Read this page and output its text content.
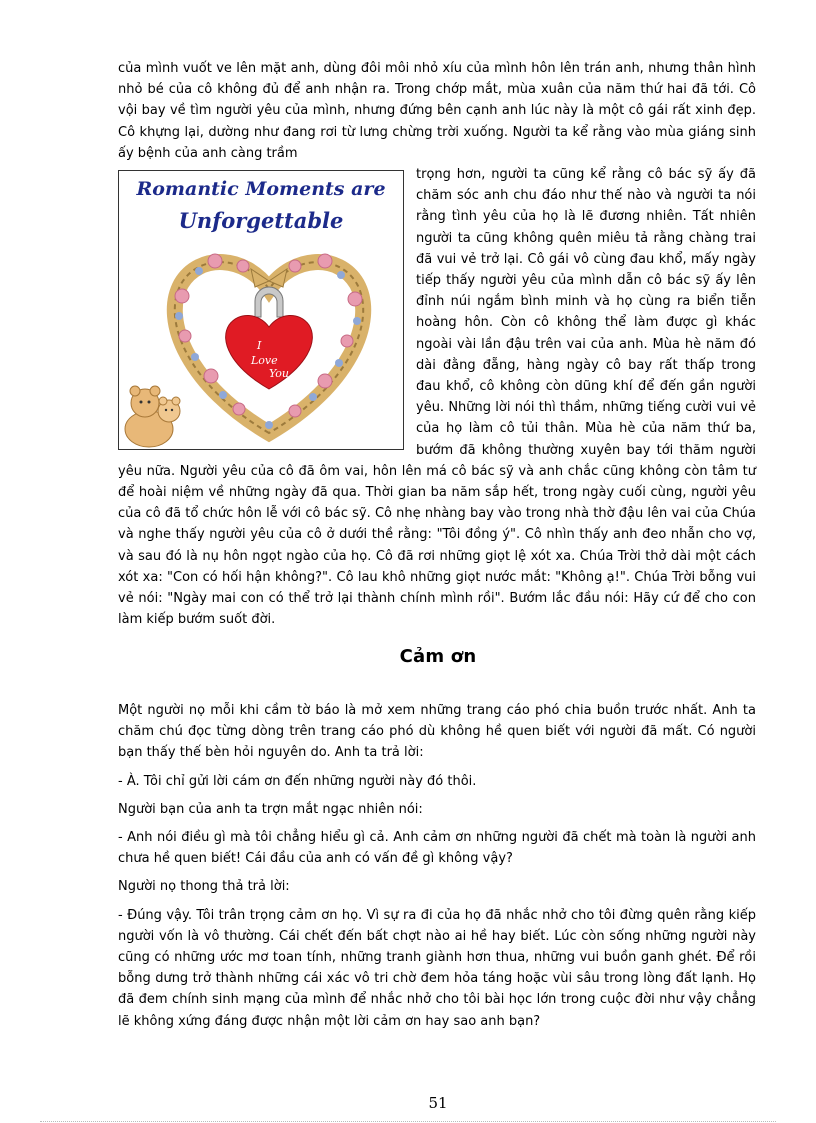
của mình vuốt ve lên mặt anh, dùng đôi môi nhỏ xíu của mình hôn lên trán anh, nhưng thân hình nhỏ bé của cô không đủ để anh nhận ra. Trong chớp mắt, mùa xuân của năm thứ hai đã tới. Cô vội bay về tìm người yêu của mình, nhưng đứng bên cạnh anh lúc này là một cô gái rất xinh đẹp. Cô khựng lại, dường như đang rơi từ lưng chừng trời xuống. Người ta kể rằng vào mùa giáng sinh ấy bệnh của anh càng trầm

Romantic Moments are
Unforgettable
I
Love
You

trọng hơn, người ta cũng kể rằng cô bác sỹ ấy đã chăm sóc anh chu đáo như thế nào và người ta nói rằng tình yêu của họ là lẽ đương nhiên. Tất nhiên người ta cũng không quên miêu tả rằng chàng trai đã vui vẻ trở lại. Cô gái vô cùng đau khổ, mấy ngày tiếp thấy người yêu của mình dẫn cô bác sỹ ấy lên đỉnh núi ngắm bình minh và họ cùng ra biển tiễn hoàng hôn. Còn cô không thể làm được gì khác ngoài vài lần đậu trên vai của anh. Mùa hè năm đó dài đằng đẵng, hàng ngày cô bay rất thấp trong đau khổ, cô không còn dũng khí để đến gần người yêu. Những lời nói thì thầm, những tiếng cười vui vẻ của họ làm cô tủi thân. Mùa hè của năm thứ ba, bướm đã không thường xuyên bay tới thăm người yêu nữa. Người yêu của cô đã ôm vai, hôn lên má cô bác sỹ và anh chắc cũng không còn tâm tư để hoài niệm về những ngày đã qua. Thời gian ba năm sắp hết, trong ngày cuối cùng, người yêu của cô đã tổ chức hôn lễ với cô bác sỹ. Cô nhẹ nhàng bay vào trong nhà thờ đậu lên vai của Chúa và nghe thấy người yêu của cô ở dưới thề rằng: "Tôi đồng ý". Cô nhìn thấy anh đeo nhẫn cho vợ, và sau đó là nụ hôn ngọt ngào của họ. Cô đã rơi những giọt lệ xót xa. Chúa Trời thở dài một cách xót xa: "Con có hối hận không?". Cô lau khô những giọt nước mắt: "Không ạ!". Chúa Trời bỗng vui vẻ nói: "Ngày mai con có thể trở lại thành chính mình rồi". Bướm lắc đầu nói: Hãy cứ để cho con làm kiếp bướm suốt đời.

Cảm ơn

Một người nọ mỗi khi cầm tờ báo là mở xem những trang cáo phó chia buồn trước nhất. Anh ta chăm chú đọc từng dòng trên trang cáo phó dù không hề quen biết với người đã mất. Có người bạn thấy thế bèn hỏi nguyên do. Anh ta trả lời:

- À. Tôi chỉ gửi lời cám ơn đến những người này đó thôi.

Người bạn của anh ta trợn mắt ngạc nhiên nói:

- Anh nói điều gì mà tôi chẳng hiểu gì cả. Anh cảm ơn những người đã chết mà toàn là người anh chưa hề quen biết! Cái đầu của anh có vấn đề gì không vậy?

Người nọ thong thả trả lời:

- Đúng vậy. Tôi trân trọng cảm ơn họ. Vì sự ra đi của họ đã nhắc nhở cho tôi đừng quên rằng kiếp người vốn là vô thường. Cái chết đến bất chợt nào ai hề hay biết. Lúc còn sống những người này cũng có những ước mơ toan tính, những tranh giành hơn thua, những vui buồn ganh ghét. Để rồi bỗng dưng trở thành những cái xác vô tri chờ đem hỏa táng hoặc vùi sâu trong lòng đất lạnh. Họ đã đem chính sinh mạng của mình để nhắc nhở cho tôi bài học lớn trong cuộc đời như vậy chẳng lẽ không xứng đáng được nhận một lời cảm ơn hay sao anh bạn?

51
